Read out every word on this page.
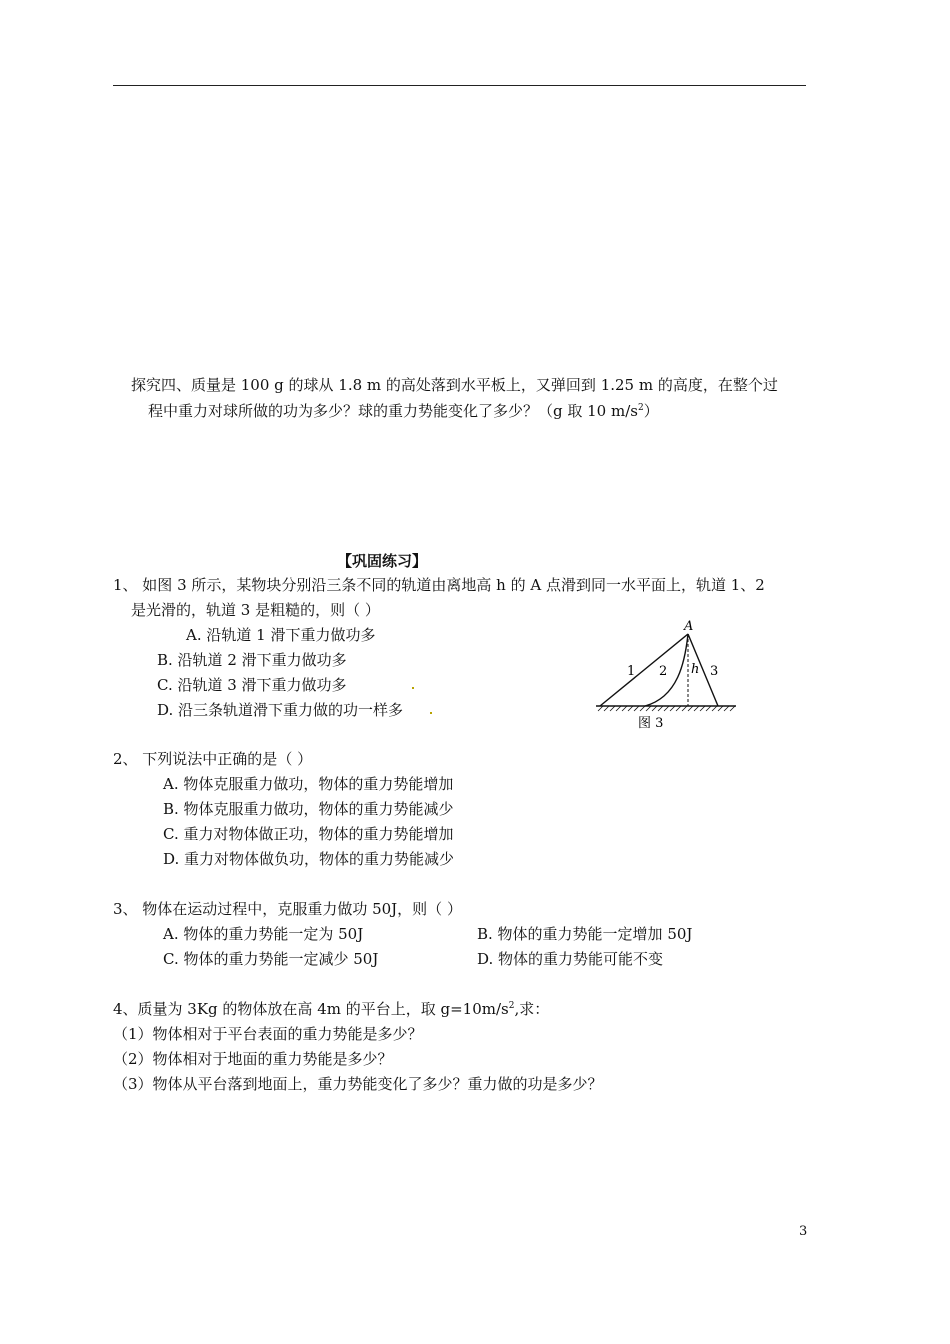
探究四、质量是 100 g 的球从 1.8 m 的高处落到水平板上，又弹回到 1.25 m 的高度，在整个过
程中重力对球所做的功为多少？球的重力势能变化了多少？（g 取 10 $m/s^2$）
【巩固练习】
1、 如图 3 所示，某物块分别沿三条不同的轨道由离地高 h 的 A 点滑到同一水平面上，轨道 1、2
是光滑的，轨道 3 是粗糙的，则（ ）
A. 沿轨道 1 滑下重力做功多
B. 沿轨道 2 滑下重力做功多
C. 沿轨道 3 滑下重力做功多
D. 沿三条轨道滑下重力做的功一样多
A
h
1 2	3
图 3
2、 下列说法中正确的是（ ）
A. 物体克服重力做功，物体的重力势能增加
B. 物体克服重力做功，物体的重力势能减少
C. 重力对物体做正功，物体的重力势能增加
D. 重力对物体做负功，物体的重力势能减少
3、 物体在运动过程中，克服重力做功 50J，则（ ）
A. 物体的重力势能一定为 50J	B. 物体的重力势能一定增加 50J
C. 物体的重力势能一定减少 50J	D. 物体的重力势能可能不变
4、质量为 3Kg 的物体放在高 4m 的平台上，取 $g=10m/s^2$,求：
（1）物体相对于平台表面的重力势能是多少？
（2）物体相对于地面的重力势能是多少？
（3）物体从平台落到地面上，重力势能变化了多少？重力做的功是多少？
3
